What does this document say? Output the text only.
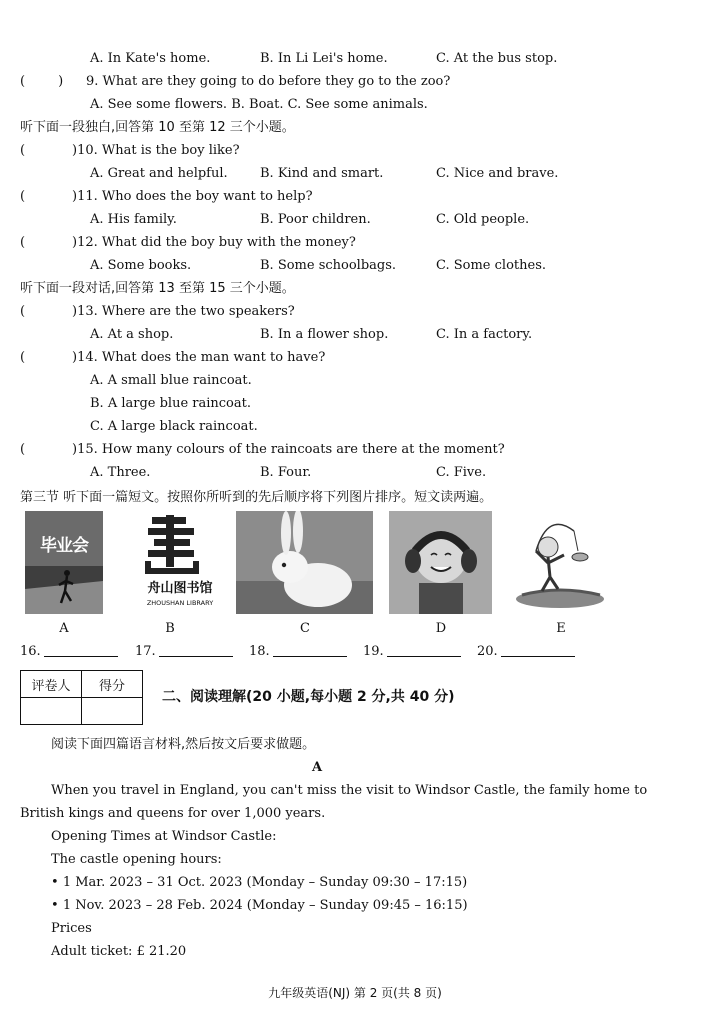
A. In Kate's home.	B. In Li Lei's home.	C. At the bus stop.
(        ) 9. What are they going to do before they go to the zoo?
A. See some flowers. B. Boat. C. See some animals.
听下面一段独白,回答第 10 至第 12 三个小题。
(        )10. What is the boy like?
A. Great and helpful. B. Kind and smart.	C. Nice and brave.
(        )11. Who does the boy want to help?
A. His family.	B. Poor children.	C. Old people.
(        )12. What did the boy buy with the money?
A. Some books.	B. Some schoolbags.	C. Some clothes.
听下面一段对话,回答第 13 至第 15 三个小题。
(        )13. Where are the two speakers?
A. At a shop.	B. In a flower shop.	C. In a factory.
(        )14. What does the man want to have?
A. A small blue raincoat.
B. A large blue raincoat.
C. A large black raincoat.
(        )15. How many colours of the raincoats are there at the moment?
A. Three.	B. Four.	C. Five.
第三节 听下面一篇短文。按照你所听到的先后顺序将下列图片排序。短文读两遍。
毕业会
舟山图书馆
ZHOUSHAN LIBRARY
A	B	C	D	E
16.	17.	18.	19.	20.
评卷人	得分

二、阅读理解(20 小题,每小题 2 分,共 40 分)
阅读下面四篇语言材料,然后按文后要求做题。
A
When you travel in England, you can't miss the visit to Windsor Castle, the family home to
British kings and queens for over 1,000 years.
Opening Times at Windsor Castle:
The castle opening hours:
• 1 Mar. 2023 – 31 Oct. 2023 (Monday – Sunday 09:30 – 17:15)
• 1 Nov. 2023 – 28 Feb. 2024 (Monday – Sunday 09:45 – 16:15)
Prices
Adult ticket: £ 21.20
九年级英语(NJ) 第 2 页(共 8 页)
